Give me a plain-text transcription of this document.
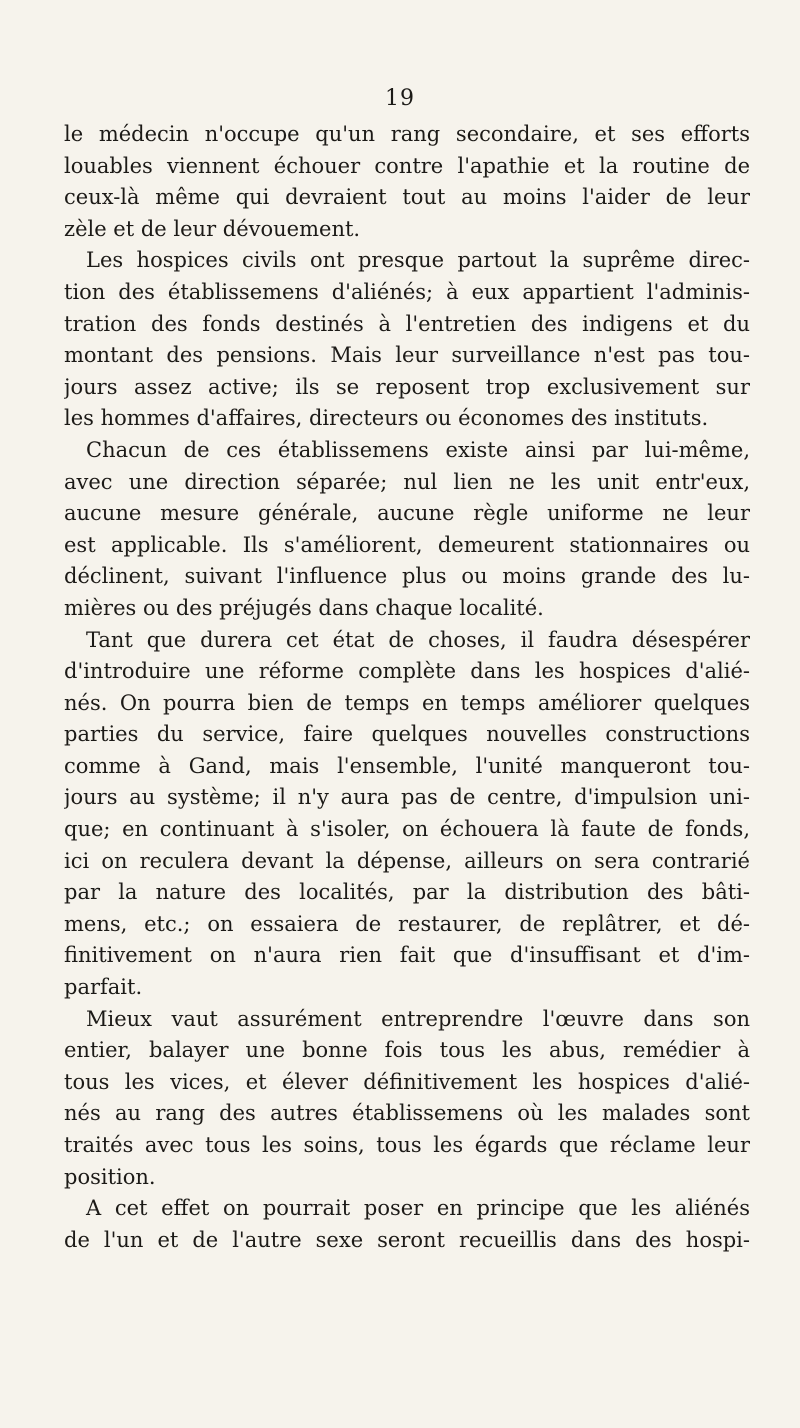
19
le médecin n'occupe qu'un rang secondaire, et ses efforts
louables viennent échouer contre l'apathie et la routine de
ceux-là même qui devraient tout au moins l'aider de leur
zèle et de leur dévouement.
Les hospices civils ont presque partout la suprême direc-
tion des établissemens d'aliénés; à eux appartient l'adminis-
tration des fonds destinés à l'entretien des indigens et du
montant des pensions. Mais leur surveillance n'est pas tou-
jours assez active; ils se reposent trop exclusivement sur
les hommes d'affaires, directeurs ou économes des instituts.
Chacun de ces établissemens existe ainsi par lui-même,
avec une direction séparée; nul lien ne les unit entr'eux,
aucune mesure générale, aucune règle uniforme ne leur
est applicable. Ils s'améliorent, demeurent stationnaires ou
déclinent, suivant l'influence plus ou moins grande des lu-
mières ou des préjugés dans chaque localité.
Tant que durera cet état de choses, il faudra désespérer
d'introduire une réforme complète dans les hospices d'alié-
nés. On pourra bien de temps en temps améliorer quelques
parties du service, faire quelques nouvelles constructions
comme à Gand, mais l'ensemble, l'unité manqueront tou-
jours au système; il n'y aura pas de centre, d'impulsion uni-
que; en continuant à s'isoler, on échouera là faute de fonds,
ici on reculera devant la dépense, ailleurs on sera contrarié
par la nature des localités, par la distribution des bâti-
mens, etc.; on essaiera de restaurer, de replâtrer, et dé-
finitivement on n'aura rien fait que d'insuffisant et d'im-
parfait.
Mieux vaut assurément entreprendre l'œuvre dans son
entier, balayer une bonne fois tous les abus, remédier à
tous les vices, et élever définitivement les hospices d'alié-
nés au rang des autres établissemens où les malades sont
traités avec tous les soins, tous les égards que réclame leur
position.
A cet effet on pourrait poser en principe que les aliénés
de l'un et de l'autre sexe seront recueillis dans des hospi-
